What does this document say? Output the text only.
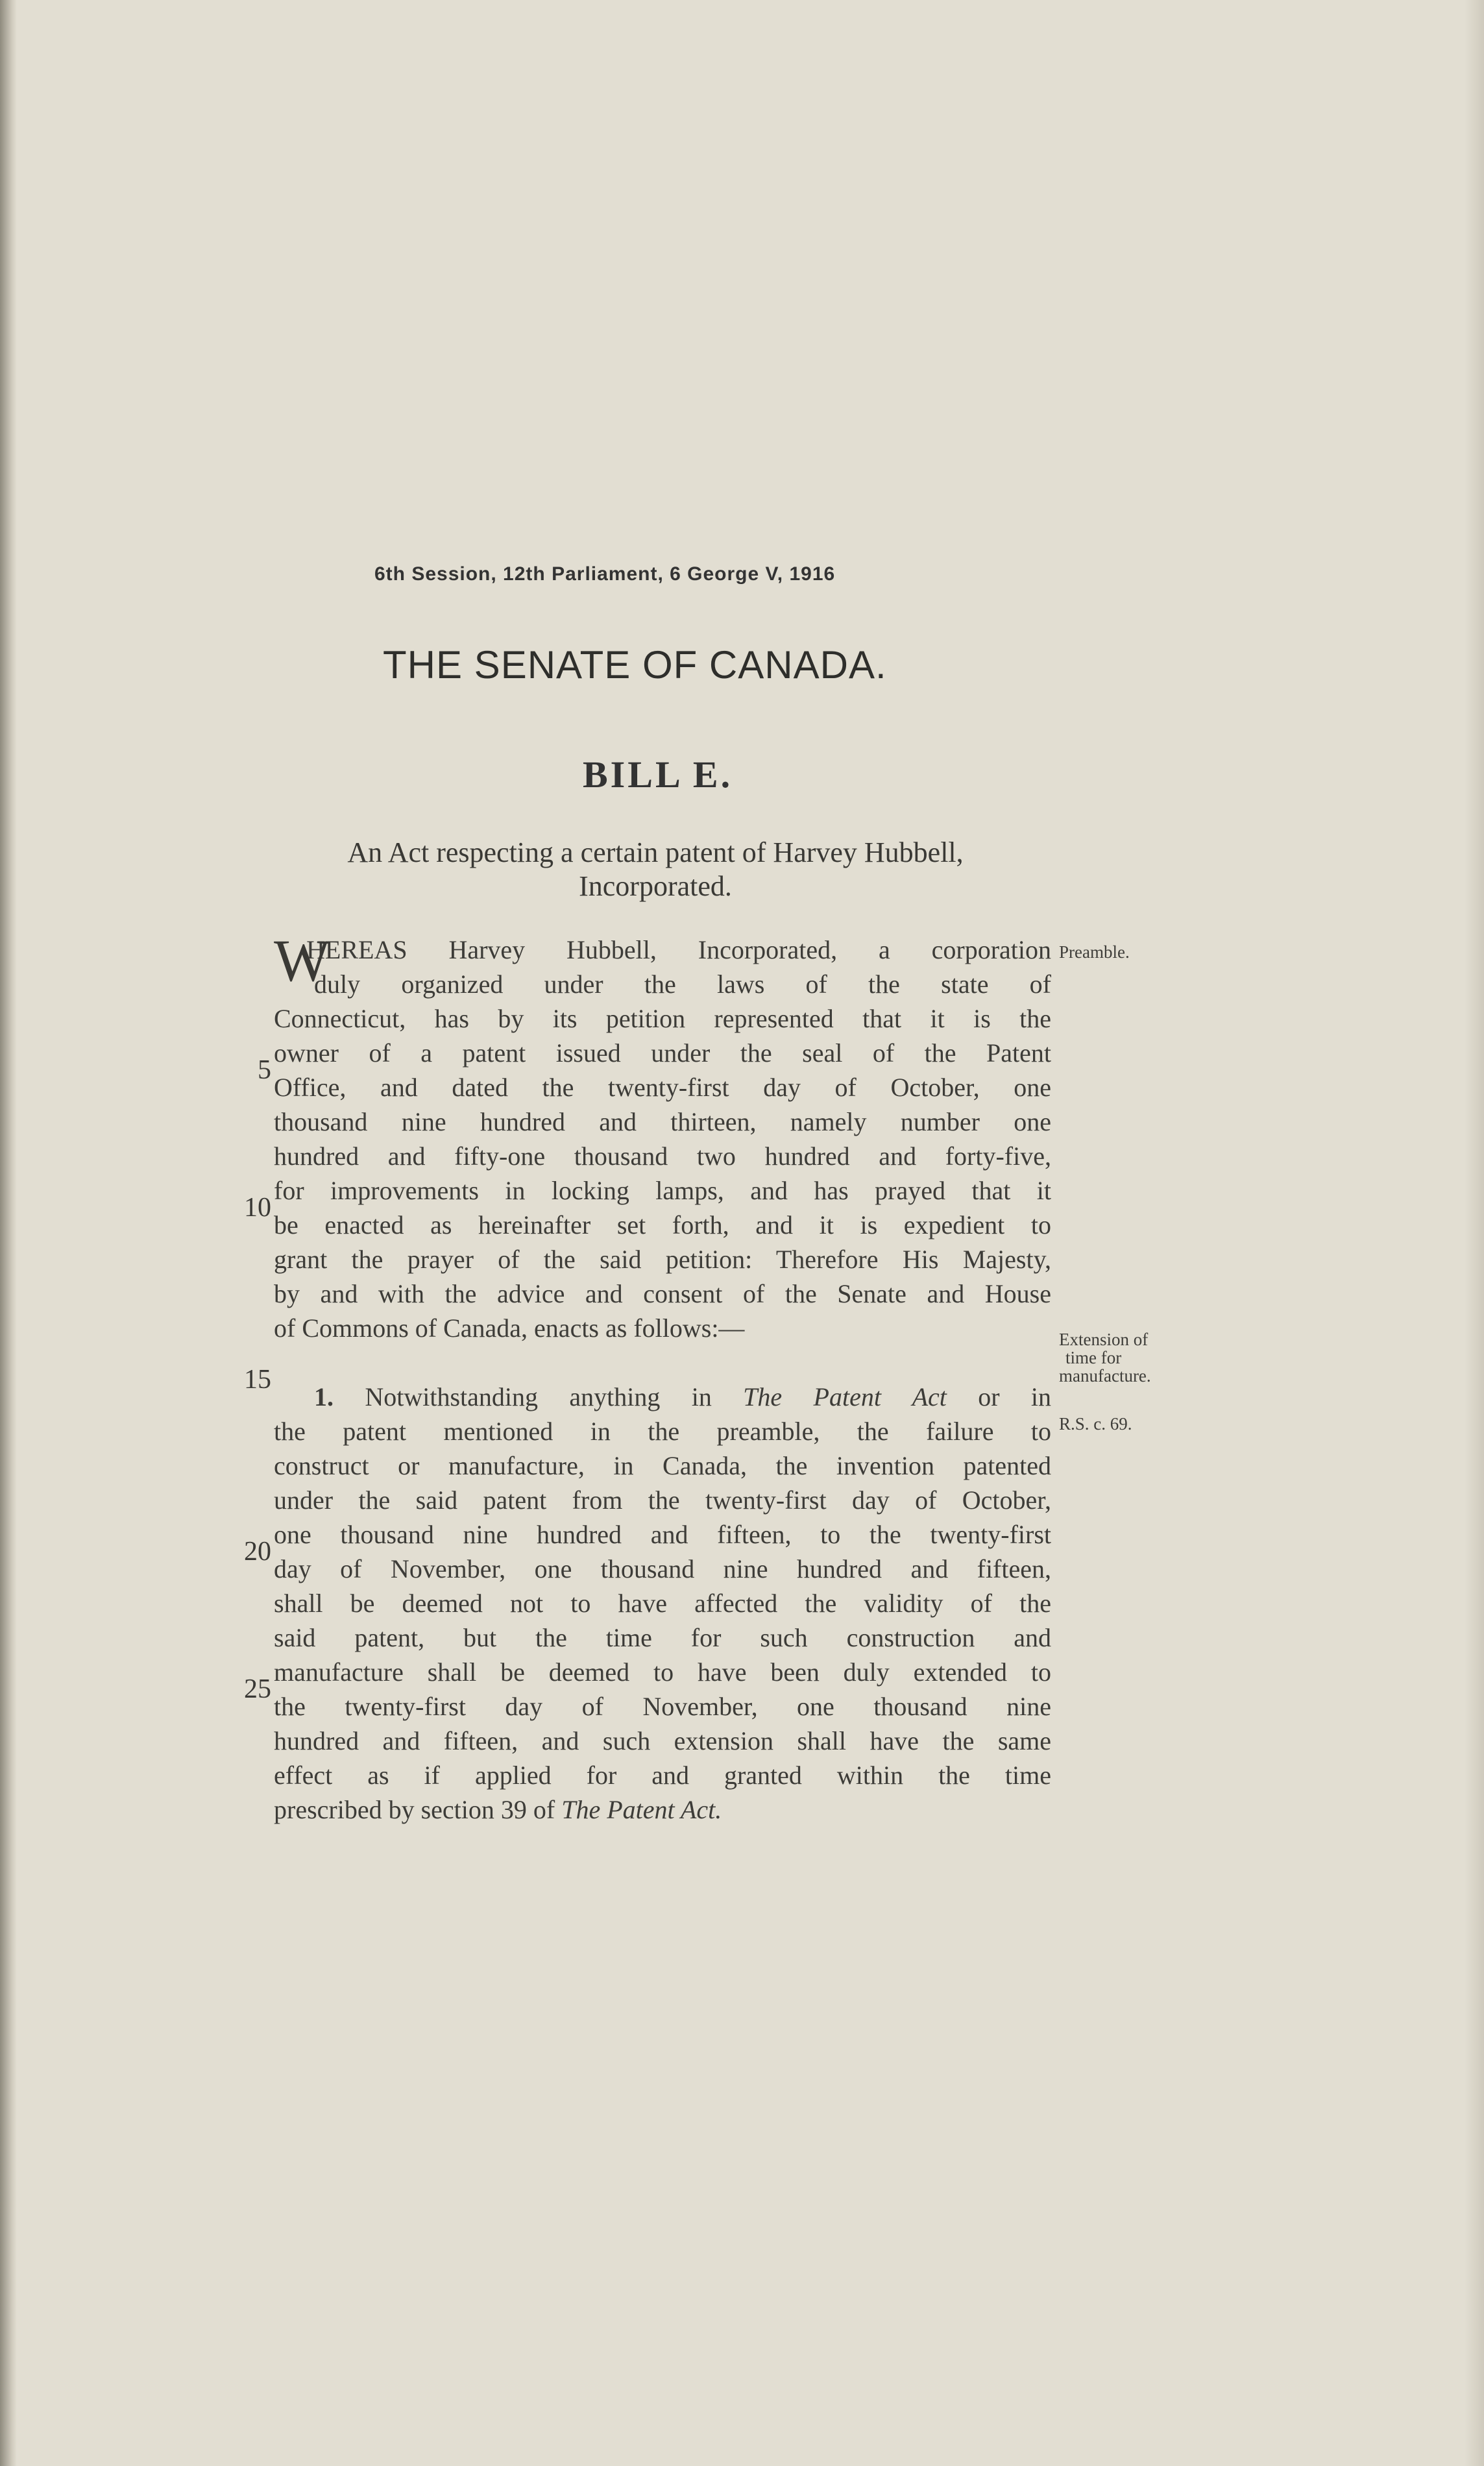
6th Session, 12th Parliament, 6 George V, 1916
THE SENATE OF CANADA.
BILL E.
An Act respecting a certain patent of Harvey Hubbell,
Incorporated.
5
10
15
20
25
Preamble.
Extension of
time for
manufacture.
R.S. c. 69.
W
HEREAS Harvey Hubbell, Incorporated, a corporation
duly organized under the laws of the state of
Connecticut, has by its petition represented that it is the
owner of a patent issued under the seal of the Patent
Office, and dated the twenty-first day of October, one
thousand nine hundred and thirteen, namely number one
hundred and fifty-one thousand two hundred and forty-five,
for improvements in locking lamps, and has prayed that it
be enacted as hereinafter set forth, and it is expedient to
grant the prayer of the said petition: Therefore His Majesty,
by and with the advice and consent of the Senate and House
of Commons of Canada, enacts as follows:—
1. Notwithstanding anything in The Patent Act or in
the patent mentioned in the preamble, the failure to
construct or manufacture, in Canada, the invention patented
under the said patent from the twenty-first day of October,
one thousand nine hundred and fifteen, to the twenty-first
day of November, one thousand nine hundred and fifteen,
shall be deemed not to have affected the validity of the
said patent, but the time for such construction and
manufacture shall be deemed to have been duly extended to
the twenty-first day of November, one thousand nine
hundred and fifteen, and such extension shall have the same
effect as if applied for and granted within the time
prescribed by section 39 of The Patent Act.
